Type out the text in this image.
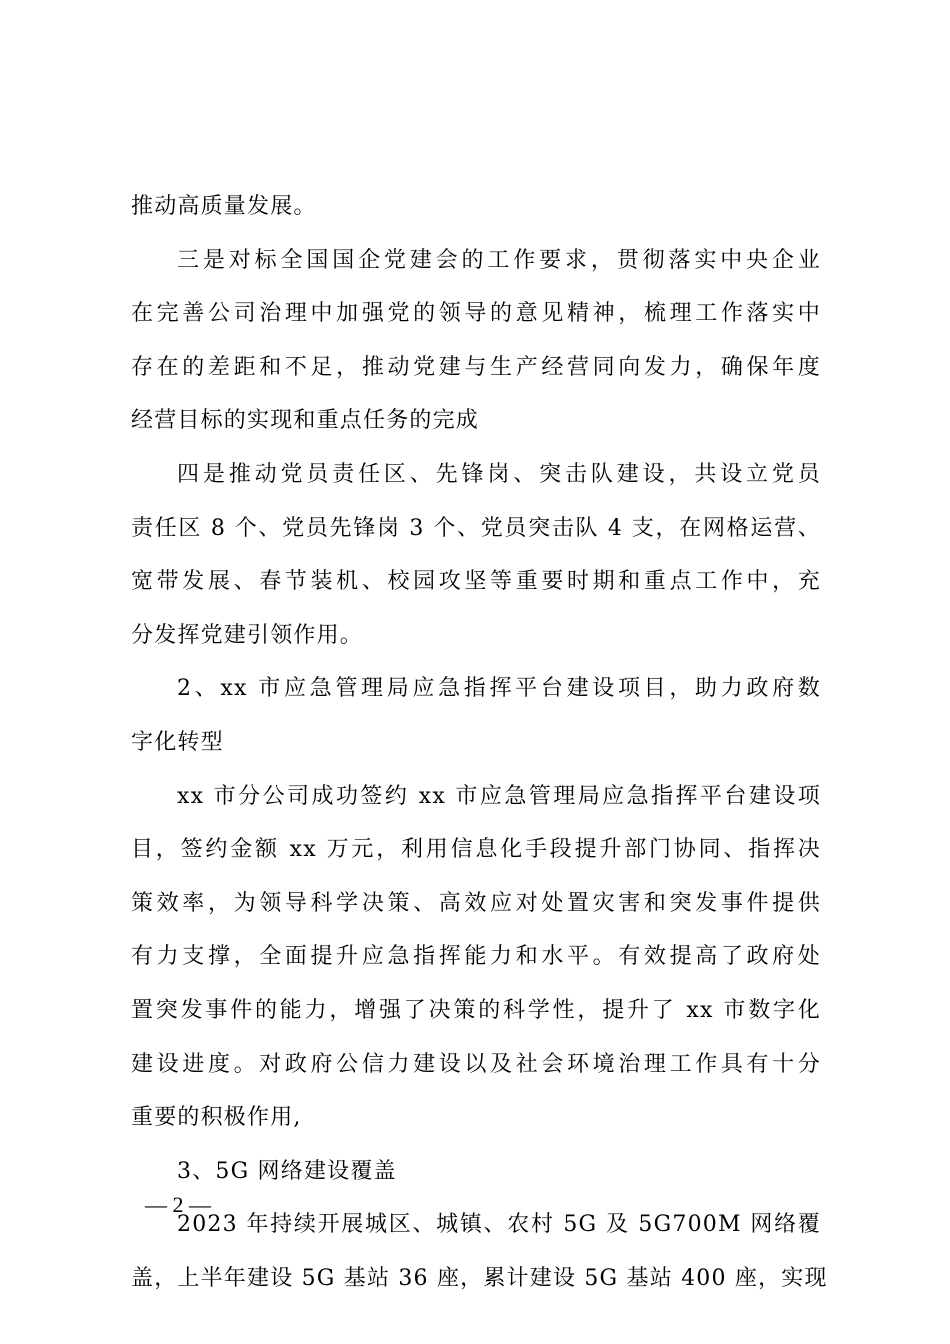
推动高质量发展。
三是对标全国国企党建会的工作要求，贯彻落实中央企业
在完善公司治理中加强党的领导的意见精神，梳理工作落实中
存在的差距和不足，推动党建与生产经营同向发力，确保年度
经营目标的实现和重点任务的完成
四是推动党员责任区、先锋岗、突击队建设，共设立党员
责任区 8 个、党员先锋岗 3 个、党员突击队 4 支，在网格运营、
宽带发展、春节装机、校园攻坚等重要时期和重点工作中，充
分发挥党建引领作用。
2、xx 市应急管理局应急指挥平台建设项目，助力政府数
字化转型
xx 市分公司成功签约 xx 市应急管理局应急指挥平台建设项
目，签约金额 xx 万元，利用信息化手段提升部门协同、指挥决
策效率，为领导科学决策、高效应对处置灾害和突发事件提供
有力支撑，全面提升应急指挥能力和水平。有效提高了政府处
置突发事件的能力，增强了决策的科学性，提升了 xx 市数字化
建设进度。对政府公信力建设以及社会环境治理工作具有十分
重要的积极作用,
3、5G 网络建设覆盖
2023 年持续开展城区、城镇、农村 5G 及 5G700M 网络覆
盖，上半年建设 5G 基站 36 座，累计建设 5G 基站 400 座，实现
— 2 —
